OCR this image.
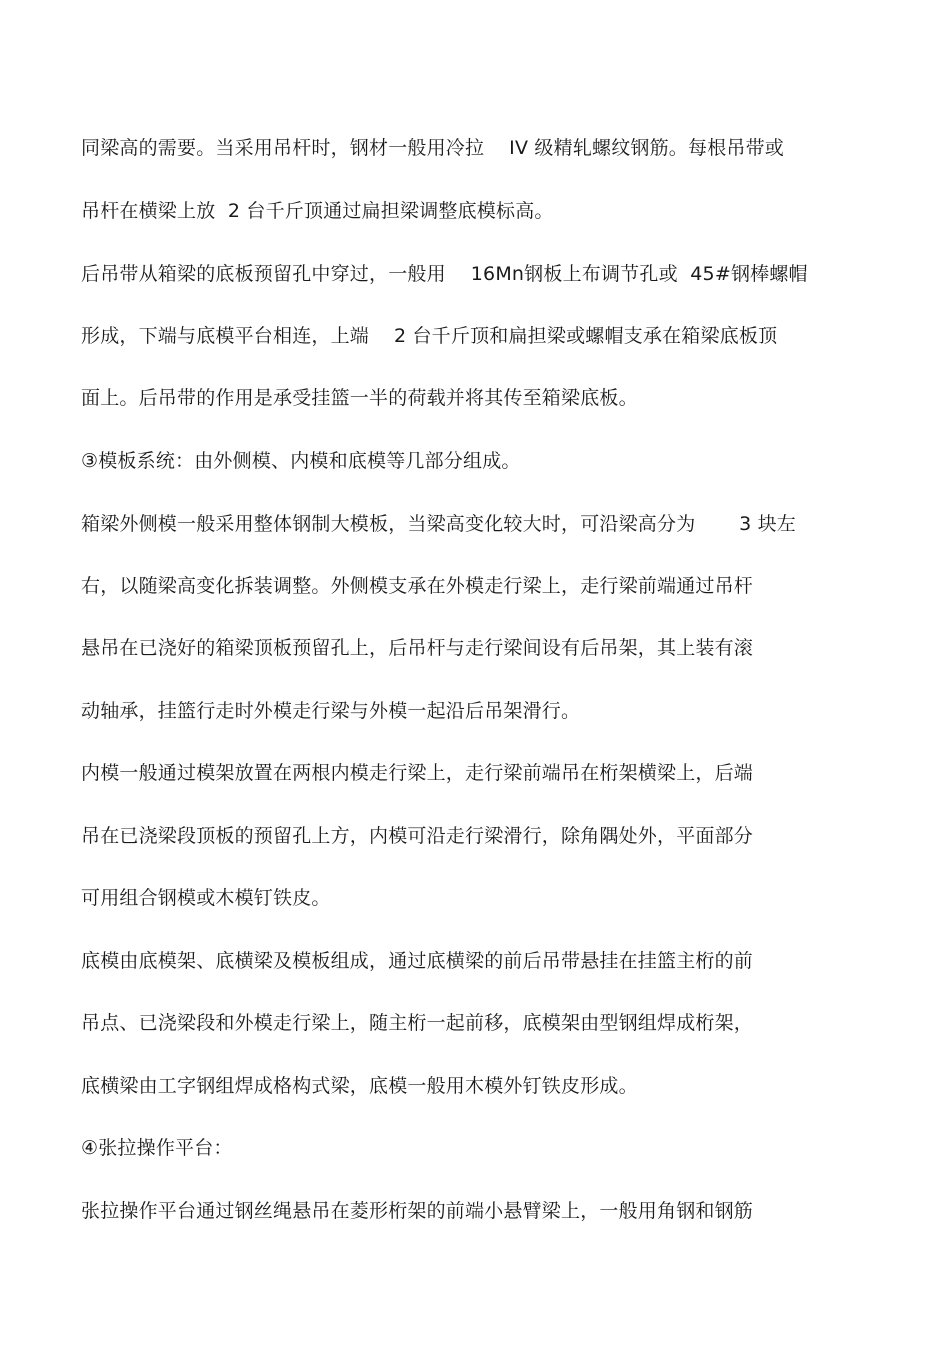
同梁高的需要。当采用吊杆时，钢材一般用冷拉    IV 级精轧螺纹钢筋。每根吊带或
吊杆在横梁上放  2 台千斤顶通过扁担梁调整底模标高。
后吊带从箱梁的底板预留孔中穿过，一般用    16Mn钢板上布调节孔或  45#钢棒螺帽
形成，下端与底模平台相连，上端    2 台千斤顶和扁担梁或螺帽支承在箱梁底板顶
面上。后吊带的作用是承受挂篮一半的荷载并将其传至箱梁底板。
③模板系统：由外侧模、内模和底模等几部分组成。
箱梁外侧模一般采用整体钢制大模板，当梁高变化较大时，可沿梁高分为       3 块左
右，以随梁高变化拆装调整。外侧模支承在外模走行梁上，走行梁前端通过吊杆
悬吊在已浇好的箱梁顶板预留孔上，后吊杆与走行梁间设有后吊架，其上装有滚
动轴承，挂篮行走时外模走行梁与外模一起沿后吊架滑行。
内模一般通过模架放置在两根内模走行梁上，走行梁前端吊在桁架横梁上，后端
吊在已浇梁段顶板的预留孔上方，内模可沿走行梁滑行，除角隅处外，平面部分
可用组合钢模或木模钉铁皮。
底模由底模架、底横梁及模板组成，通过底横梁的前后吊带悬挂在挂篮主桁的前
吊点、已浇梁段和外模走行梁上，随主桁一起前移，底模架由型钢组焊成桁架，
底横梁由工字钢组焊成格构式梁，底模一般用木模外钉铁皮形成。
④张拉操作平台：
张拉操作平台通过钢丝绳悬吊在菱形桁架的前端小悬臂梁上，一般用角钢和钢筋
